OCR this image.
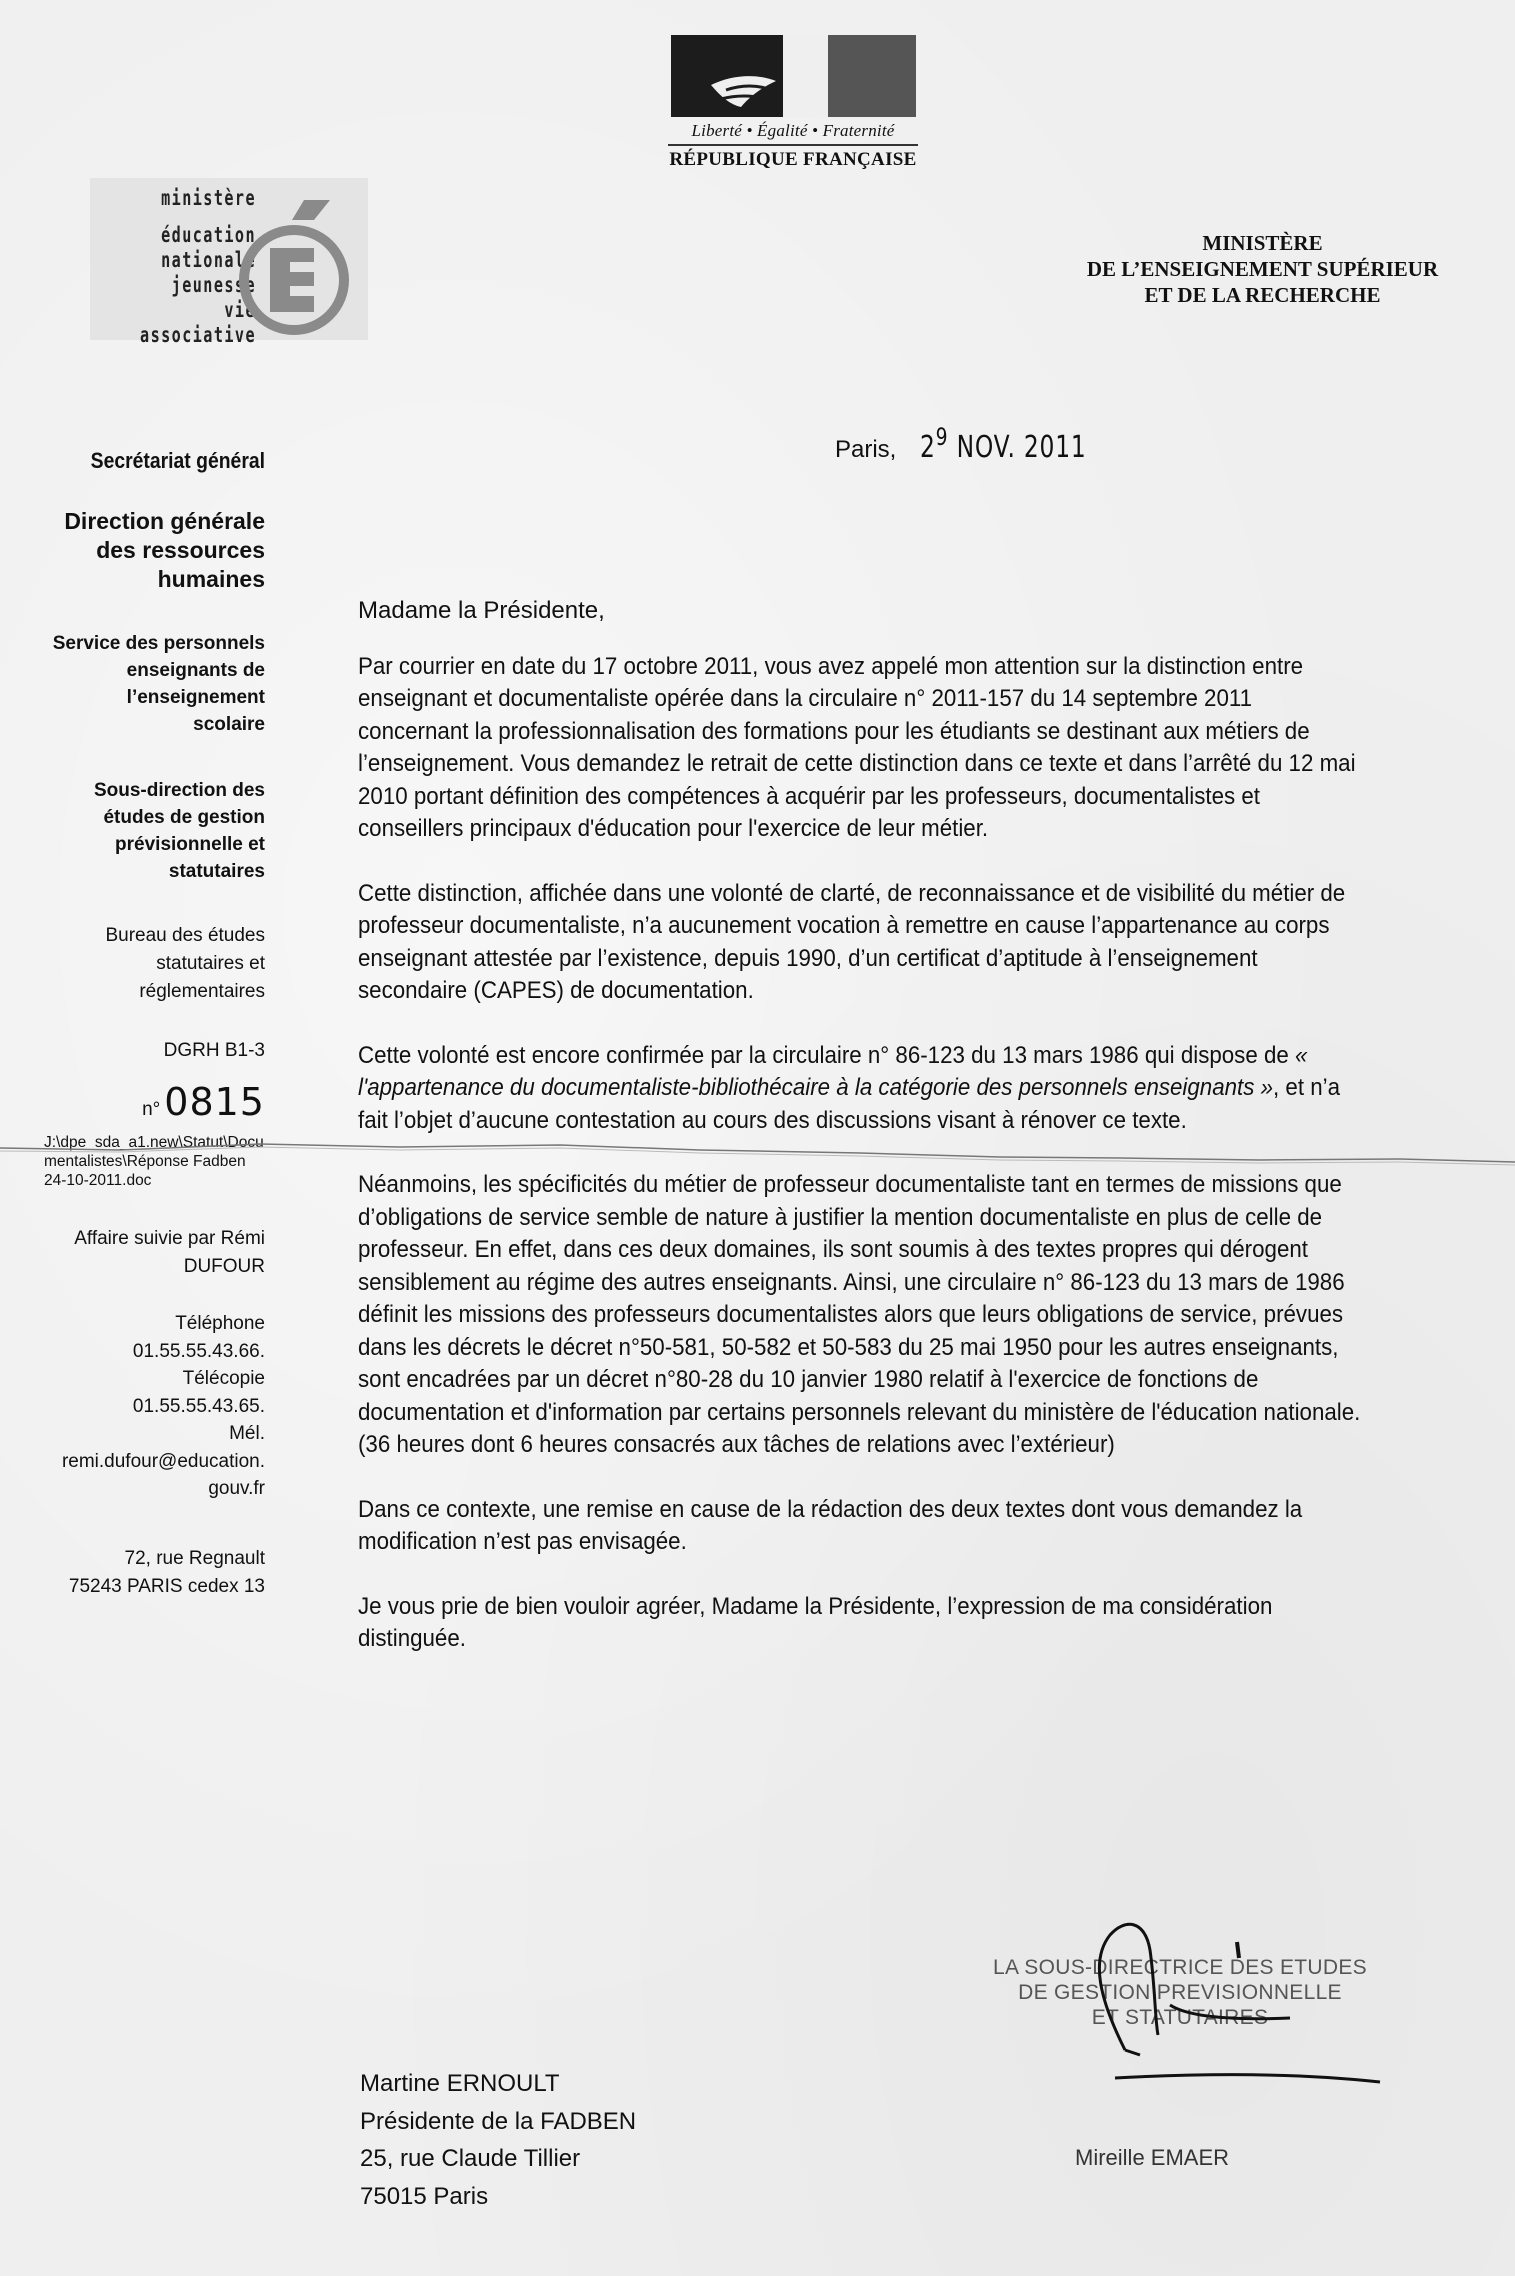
Liberté • Égalité • Fraternité
RÉPUBLIQUE FRANÇAISE
ministère
éducation
nationale
jeunesse
vie associative
MINISTÈRE
DE L’ENSEIGNEMENT SUPÉRIEUR
ET DE LA RECHERCHE
Secrétariat général
Direction générale
des ressources
humaines
Service des personnels
enseignants de
l’enseignement
scolaire
Sous-direction des
études de gestion
prévisionnelle et
statutaires
Bureau des études
statutaires et
réglementaires
DGRH B1-3
n° 0815
J:\dpe_sda_a1.new\Statut\Docu
mentalistes\Réponse Fadben
24-10-2011.doc
Affaire suivie par Rémi
DUFOUR
Téléphone
01.55.55.43.66.
Télécopie
01.55.55.43.65.
Mél.
remi.dufour@education.
gouv.fr
72, rue Regnault
75243 PARIS cedex 13
Paris, $2^9$ NOV. 2011
Madame la Présidente,

Par courrier en date du 17 octobre 2011, vous avez appelé mon attention sur la distinction entre enseignant et documentaliste opérée dans la circulaire n° 2011-157 du 14 septembre 2011 concernant la professionnalisation des formations pour les étudiants se destinant aux métiers de l’enseignement. Vous demandez le retrait de cette distinction dans ce texte et dans l’arrêté du 12 mai 2010 portant définition des compétences à acquérir par les professeurs, documentalistes et conseillers principaux d'éducation pour l'exercice de leur métier.

Cette distinction, affichée dans une volonté de clarté, de reconnaissance et de visibilité du métier de professeur documentaliste, n’a aucunement vocation à remettre en cause l’appartenance au corps enseignant attestée par l’existence, depuis 1990, d’un certificat d’aptitude à l’enseignement secondaire (CAPES) de documentation.

Cette volonté est encore confirmée par la circulaire n° 86-123 du 13 mars 1986 qui dispose de « l'appartenance du documentaliste-bibliothécaire à la catégorie des personnels enseignants », et n’a fait l’objet d’aucune contestation au cours des discussions visant à rénover ce texte.

Néanmoins, les spécificités du métier de professeur documentaliste tant en termes de missions que d’obligations de service semble de nature à justifier la mention documentaliste en plus de celle de professeur. En effet, dans ces deux domaines, ils sont soumis à des textes propres qui dérogent sensiblement au régime des autres enseignants. Ainsi, une circulaire n° 86-123 du 13 mars de 1986 définit les missions des professeurs documentalistes alors que leurs obligations de service, prévues dans les décrets le décret n°50-581, 50-582 et 50-583 du 25 mai 1950 pour les autres enseignants, sont encadrées par un décret n°80-28 du 10 janvier 1980 relatif à l'exercice de fonctions de documentation et d'information par certains personnels relevant du ministère de l'éducation nationale. (36 heures dont 6 heures consacrés aux tâches de relations avec l’extérieur)

Dans ce contexte, une remise en cause de la rédaction des deux textes dont vous demandez la modification n’est pas envisagée.

Je vous prie de bien vouloir agréer, Madame la Présidente, l’expression de ma considération distinguée.

LA SOUS-DIRECTRICE DES ETUDES
DE GESTION PREVISIONNELLE
ET STATUTAIRES
Mireille EMAER
Martine ERNOULT
Présidente de la FADBEN
25, rue Claude Tillier
75015 Paris
